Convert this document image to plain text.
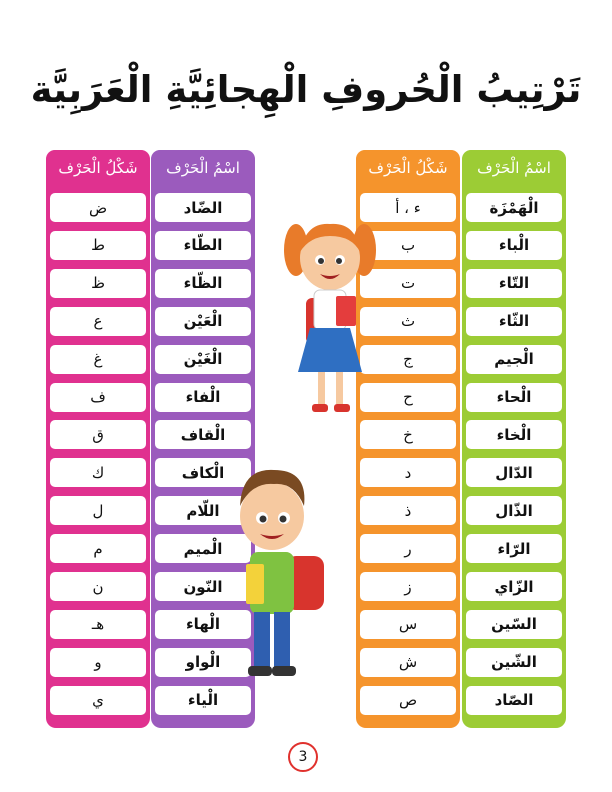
تَرْتِيبُ الْحُروفِ الْهِجائِيَّةِ الْعَرَبِيَّة
شَكْلُ الْحَرْف	اسْمُ الْحَرْف
ض	الضّاد
ط	الطّاء
ظ	الظّاء
ع	الْعَيْن
غ	الْغَيْن
ف	الْفاء
ق	الْقاف
ك	الْكاف
ل	اللّام
م	الْميم
ن	النّون
هـ	الْهاء
و	الْواو
ي	الْياء
شَكْلُ الْحَرْف	اسْمُ الْحَرْف
ء ، أ	الْهَمْزَة
ب	الْباء
ت	التّاء
ث	الثّاء
ج	الْجيم
ح	الْحاء
خ	الْخاء
د	الدّال
ذ	الذّال
ر	الرّاء
ز	الزّاي
س	السّين
ش	الشّين
ص	الصّاد
3
